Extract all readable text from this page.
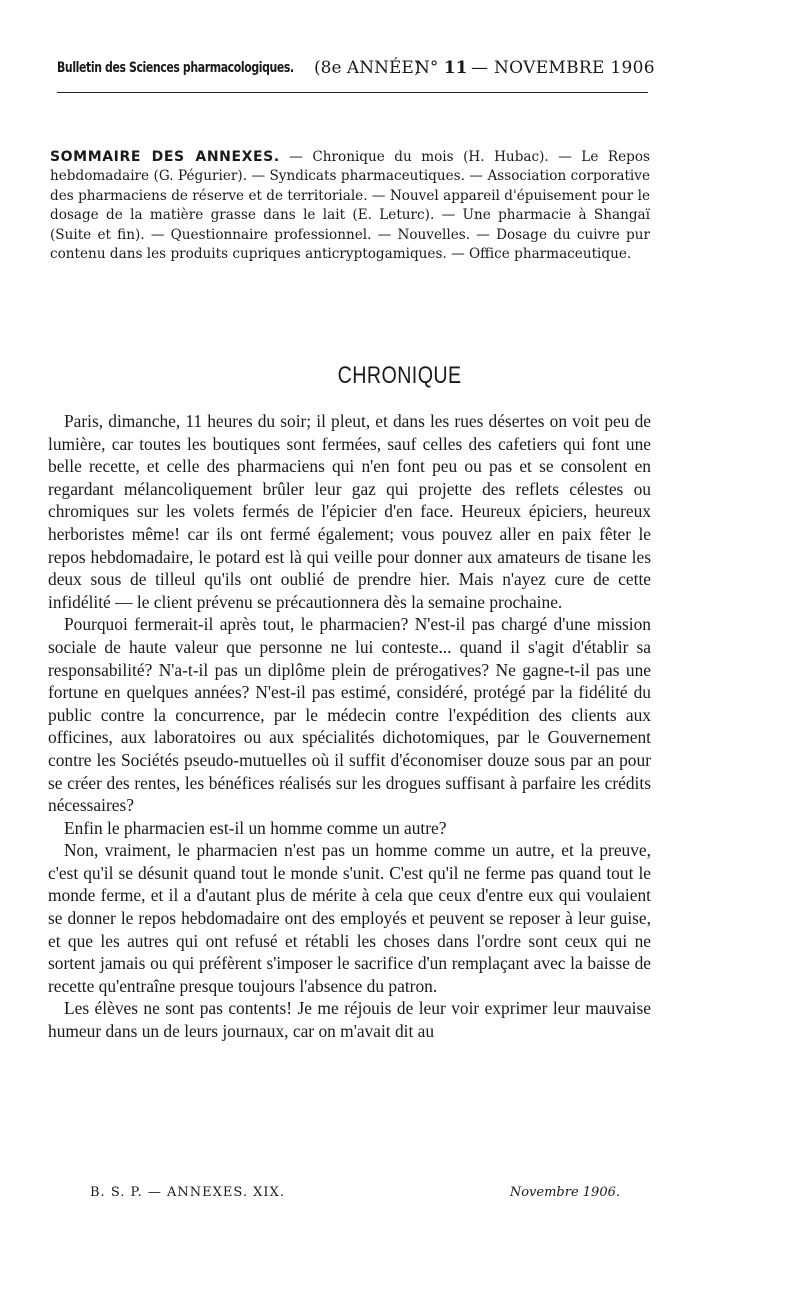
Bulletin des Sciences pharmacologiques. (8e ANNÉE)
N° 11 — NOVEMBRE 1906
SOMMAIRE DES ANNEXES. — Chronique du mois (H. Hubac). — Le Repos hebdomadaire (G. Pégurier). — Syndicats pharmaceutiques. — Association corporative des pharmaciens de réserve et de territoriale. — Nouvel appareil d'épuisement pour le dosage de la matière grasse dans le lait (E. Leturc). — Une pharmacie à Shangaï (Suite et fin). — Questionnaire professionnel. — Nouvelles. — Dosage du cuivre pur contenu dans les produits cupriques anticryptogamiques. — Office pharmaceutique.
CHRONIQUE

Paris, dimanche, 11 heures du soir; il pleut, et dans les rues désertes on voit peu de lumière, car toutes les boutiques sont fermées, sauf celles des cafetiers qui font une belle recette, et celle des pharmaciens qui n'en font peu ou pas et se consolent en regardant mélancoliquement brûler leur gaz qui projette des reflets célestes ou chromiques sur les volets fermés de l'épicier d'en face. Heureux épiciers, heureux herboristes même! car ils ont fermé également; vous pouvez aller en paix fêter le repos hebdomadaire, le potard est là qui veille pour donner aux amateurs de tisane les deux sous de tilleul qu'ils ont oublié de prendre hier. Mais n'ayez cure de cette infidélité — le client prévenu se précautionnera dès la semaine prochaine.

Pourquoi fermerait-il après tout, le pharmacien? N'est-il pas chargé d'une mission sociale de haute valeur que personne ne lui conteste... quand il s'agit d'établir sa responsabilité? N'a-t-il pas un diplôme plein de prérogatives? Ne gagne-t-il pas une fortune en quelques années? N'est-il pas estimé, considéré, protégé par la fidélité du public contre la concurrence, par le médecin contre l'expédition des clients aux officines, aux laboratoires ou aux spécialités dichotomiques, par le Gouvernement contre les Sociétés pseudo-mutuelles où il suffit d'économiser douze sous par an pour se créer des rentes, les bénéfices réalisés sur les drogues suffisant à parfaire les crédits nécessaires?

Enfin le pharmacien est-il un homme comme un autre?

Non, vraiment, le pharmacien n'est pas un homme comme un autre, et la preuve, c'est qu'il se désunit quand tout le monde s'unit. C'est qu'il ne ferme pas quand tout le monde ferme, et il a d'autant plus de mérite à cela que ceux d'entre eux qui voulaient se donner le repos hebdomadaire ont des employés et peuvent se reposer à leur guise, et que les autres qui ont refusé et rétabli les choses dans l'ordre sont ceux qui ne sortent jamais ou qui préfèrent s'imposer le sacrifice d'un remplaçant avec la baisse de recette qu'entraîne presque toujours l'absence du patron.

Les élèves ne sont pas contents! Je me réjouis de leur voir exprimer leur mauvaise humeur dans un de leurs journaux, car on m'avait dit au

B. S. P. — ANNEXES. XIX.	Novembre 1906.
